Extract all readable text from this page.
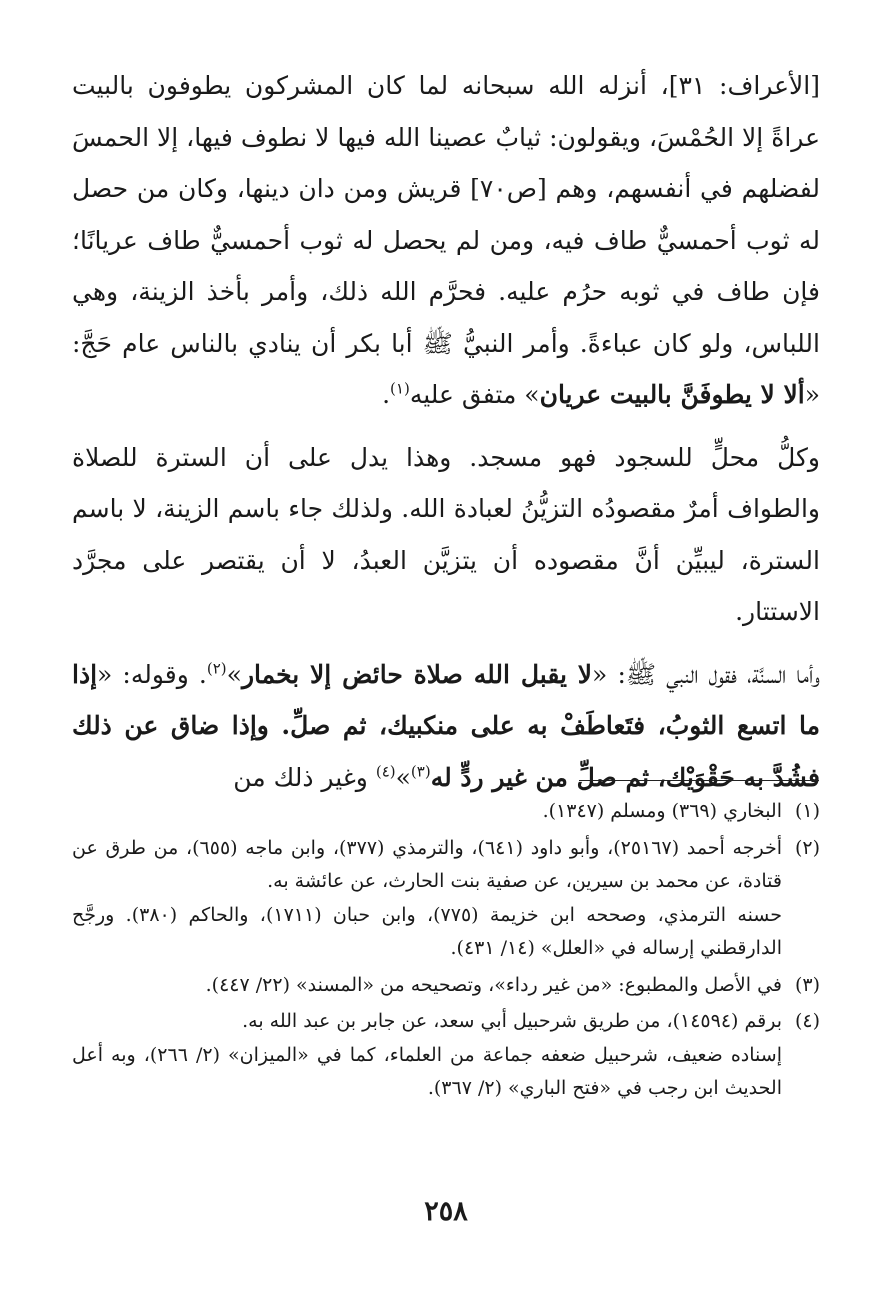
[الأعراف: ٣١]، أنزله الله سبحانه لما كان المشركون يطوفون بالبيت عراةً إلا الحُمْسَ، ويقولون: ثيابٌ عصينا الله فيها لا نطوف فيها، إلا الحمسَ لفضلهم في أنفسهم، وهم [ص٧٠] قريش ومن دان دينها، وكان من حصل له ثوب أحمسيٌّ طاف فيه، ومن لم يحصل له ثوب أحمسيٌّ طاف عريانًا؛ فإن طاف في ثوبه حرُم عليه. فحرَّم الله ذلك، وأمر بأخذ الزينة، وهي اللباس، ولو كان عباءةً. وأمر النبيُّ ﷺ أبا بكر أن ينادي بالناس عام حَجَّ: «ألا لا يطوفَنَّ بالبيت عريان» متفق عليه$^{(١)}$.

وكلُّ محلٍّ للسجود فهو مسجد. وهذا يدل على أن السترة للصلاة والطواف أمرٌ مقصودُه التزيُّنُ لعبادة الله. ولذلك جاء باسم الزينة، لا باسم السترة، ليبيِّن أنَّ مقصوده أن يتزيَّن العبدُ، لا أن يقتصر على مجرَّد الاستتار.

وأما السنَّة، فقول النبي ﷺ: «لا يقبل الله صلاة حائض إلا بخمار»$^{(٢)}$. وقوله: «إذا ما اتسع الثوبُ، فتَعاطَفْ به على منكبيك، ثم صلِّ. وإذا ضاق عن ذلك فشُدَّ به حَقْوَيْك، ثم صلِّ من غير ردٍّ له$^{(٣)}$»$^{(٤)}$ وغير ذلك من

(١)
البخاري (٣٦٩) ومسلم (١٣٤٧).
(٢)
أخرجه أحمد (٢٥١٦٧)، وأبو داود (٦٤١)، والترمذي (٣٧٧)، وابن ماجه (٦٥٥)، من طرق عن قتادة، عن محمد بن سيرين، عن صفية بنت الحارث، عن عائشة به.
حسنه الترمذي، وصححه ابن خزيمة (٧٧٥)، وابن حبان (١٧١١)، والحاكم (٣٨٠). ورجَّح الدارقطني إرساله في «العلل» (١٤/ ٤٣١).
(٣)
في الأصل والمطبوع: «من غير رداء»، وتصحيحه من «المسند» (٢٢/ ٤٤٧).
(٤)
برقم (١٤٥٩٤)، من طريق شرحبيل أبي سعد، عن جابر بن عبد الله به.
إسناده ضعيف، شرحبيل ضعفه جماعة من العلماء، كما في «الميزان» (٢/ ٢٦٦)، وبه أعل الحديث ابن رجب في «فتح الباري» (٢/ ٣٦٧).
٢٥٨
